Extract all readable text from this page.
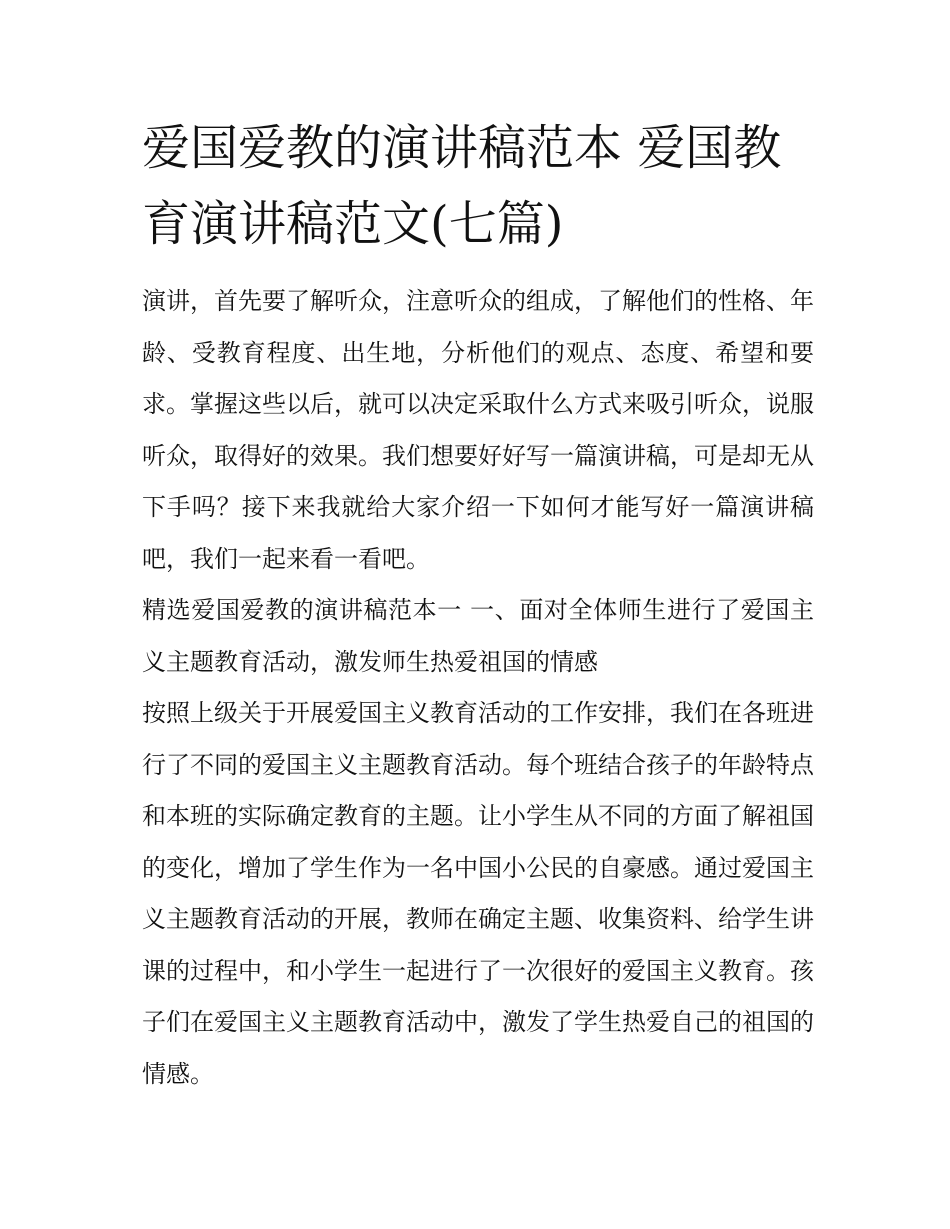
爱国爱教的演讲稿范本 爱国教育演讲稿范文(七篇)

演讲，首先要了解听众，注意听众的组成，了解他们的性格、年龄、受教育程度、出生地，分析他们的观点、态度、希望和要求。掌握这些以后，就可以决定采取什么方式来吸引听众，说服听众，取得好的效果。我们想要好好写一篇演讲稿，可是却无从下手吗？接下来我就给大家介绍一下如何才能写好一篇演讲稿吧，我们一起来看一看吧。

精选爱国爱教的演讲稿范本一 一、面对全体师生进行了爱国主义主题教育活动，激发师生热爱祖国的情感

按照上级关于开展爱国主义教育活动的工作安排，我们在各班进行了不同的爱国主义主题教育活动。每个班结合孩子的年龄特点和本班的实际确定教育的主题。让小学生从不同的方面了解祖国的变化，增加了学生作为一名中国小公民的自豪感。通过爱国主义主题教育活动的开展，教师在确定主题、收集资料、给学生讲课的过程中，和小学生一起进行了一次很好的爱国主义教育。孩子们在爱国主义主题教育活动中，激发了学生热爱自己的祖国的情感。
